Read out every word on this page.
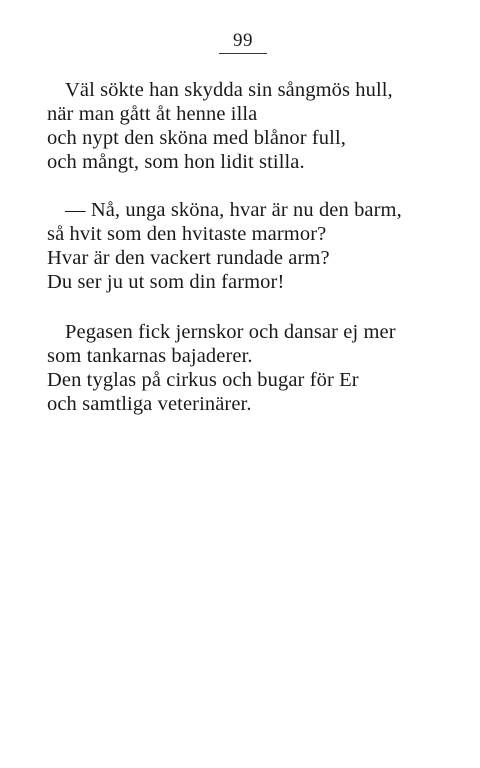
99
Väl sökte han skydda sin sångmös hull,
när man gått åt henne illa
och nypt den sköna med blånor full,
och mångt, som hon lidit stilla.
— Nå, unga sköna, hvar är nu den barm,
så hvit som den hvitaste marmor?
Hvar är den vackert rundade arm?
Du ser ju ut som din farmor!
Pegasen fick jernskor och dansar ej mer
som tankarnas bajaderer.
Den tyglas på cirkus och bugar för Er
och samtliga veterinärer.
